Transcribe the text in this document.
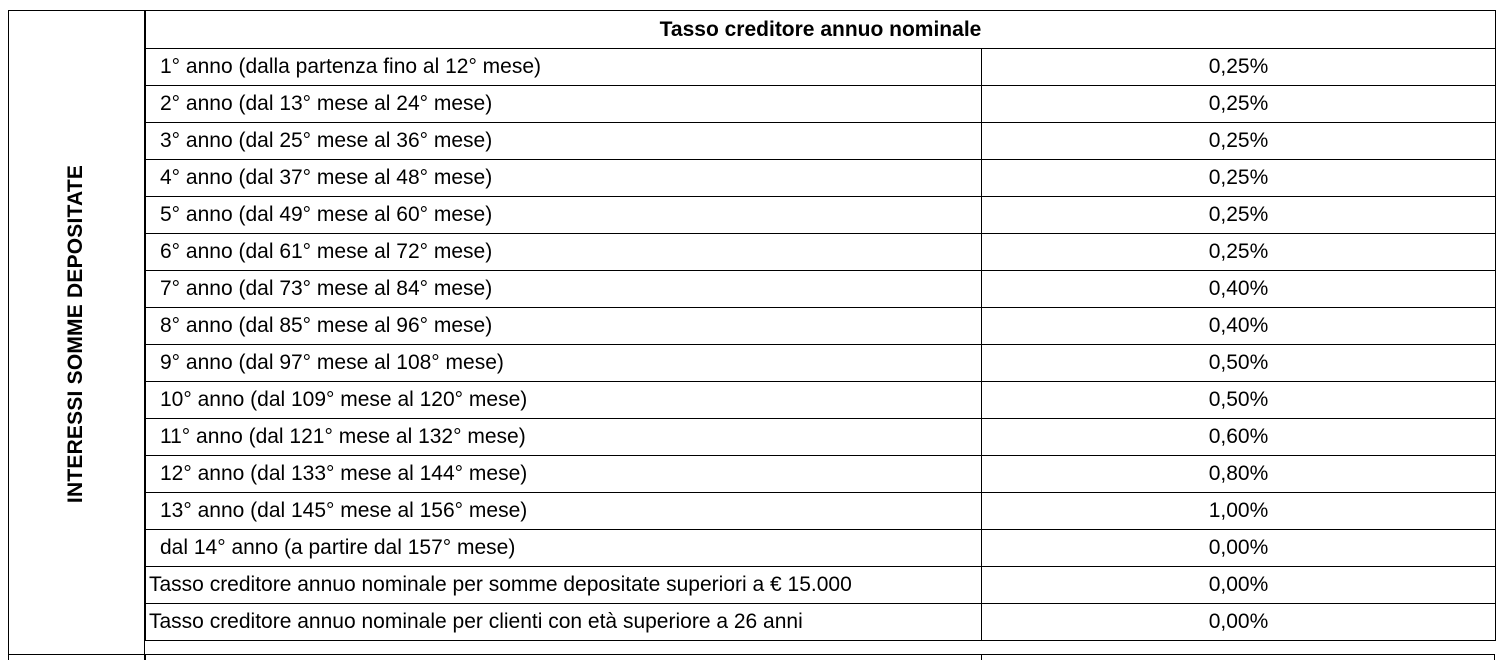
INTERESSI SOMME DEPOSITATE
Tasso creditore annuo nominale	
1° anno (dalla partenza fino al 12° mese)	0,25%
2° anno (dal 13° mese al 24° mese)	0,25%
3° anno (dal 25° mese al 36° mese)	0,25%
4° anno (dal 37° mese al 48° mese)	0,25%
5° anno (dal 49° mese al 60° mese)	0,25%
6° anno (dal 61° mese al 72° mese)	0,25%
7° anno (dal 73° mese al 84° mese)	0,40%
8° anno (dal 85° mese al 96° mese)	0,40%
9° anno (dal 97° mese al 108° mese)	0,50%
10° anno (dal 109° mese al 120° mese)	0,50%
11° anno (dal 121° mese al 132° mese)	0,60%
12° anno (dal 133° mese al 144° mese)	0,80%
13° anno (dal 145° mese al 156° mese)	1,00%
dal 14° anno (a partire dal 157° mese)	0,00%
Tasso creditore annuo nominale per somme depositate superiori a € 15.000	0,00%
Tasso creditore annuo nominale per clienti con età superiore a 26 anni	0,00%
